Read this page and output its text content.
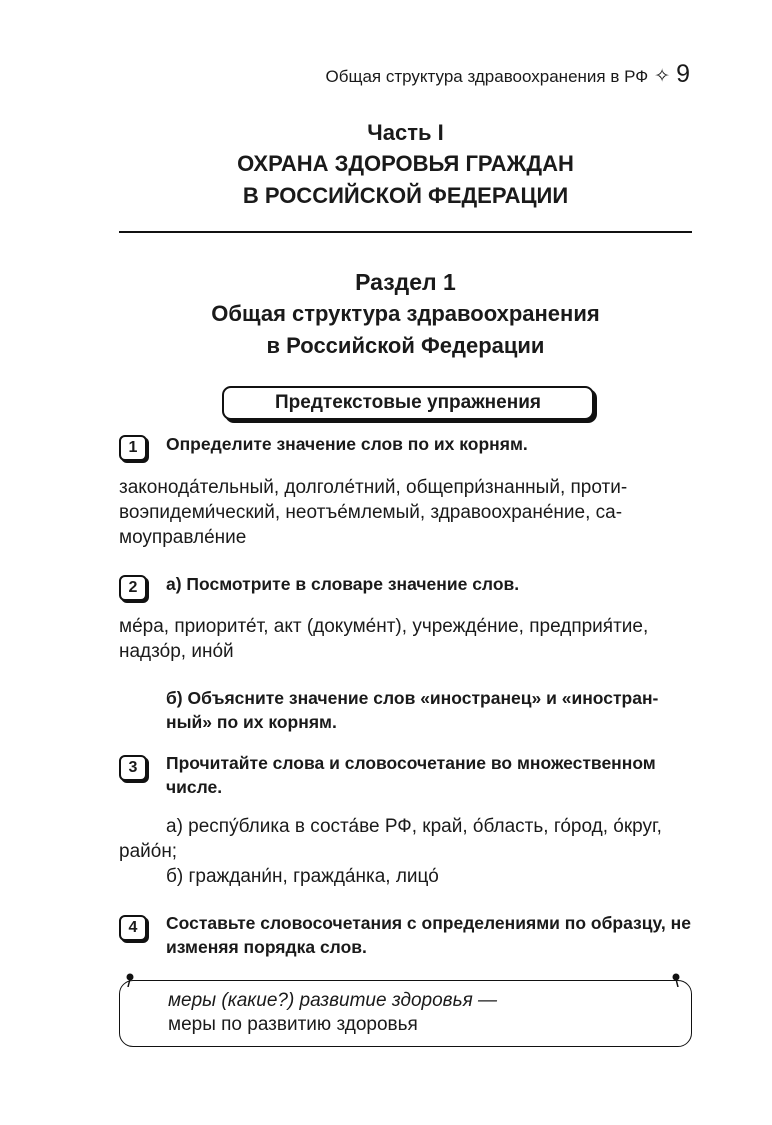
Общая структура здравоохранения в РФ ✧ 9
Часть I
ОХРАНА ЗДОРОВЬЯ ГРАЖДАН
В РОССИЙСКОЙ ФЕДЕРАЦИИ
Раздел 1
Общая структура здравоохранения
в Российской Федерации
Предтекстовые упражнения
1	Определите значение слов по их корням.
законода́тельный, долголе́тний, общепри́знанный, противоэпидеми́ческий, неотъе́млемый, здравоохране́ние, самоуправле́ние
2	а) Посмотрите в словаре значение слов.
ме́ра, приорите́т, акт (докуме́нт), учрежде́ние, предприя́тие, надзо́р, ино́й
б) Объясните значение слов «иностранец» и «иностранный» по их корням.
3	Прочитайте слова и словосочетание во множественном числе.
а) респу́блика в соста́ве РФ, край, о́бласть, го́род, о́круг, райо́н;
б) граждани́н, гражда́нка, лицо́
4	Составьте словосочетания с определениями по образцу, не изменяя порядка слов.
меры (какие?) развитие здоровья —
меры по развитию здоровья
